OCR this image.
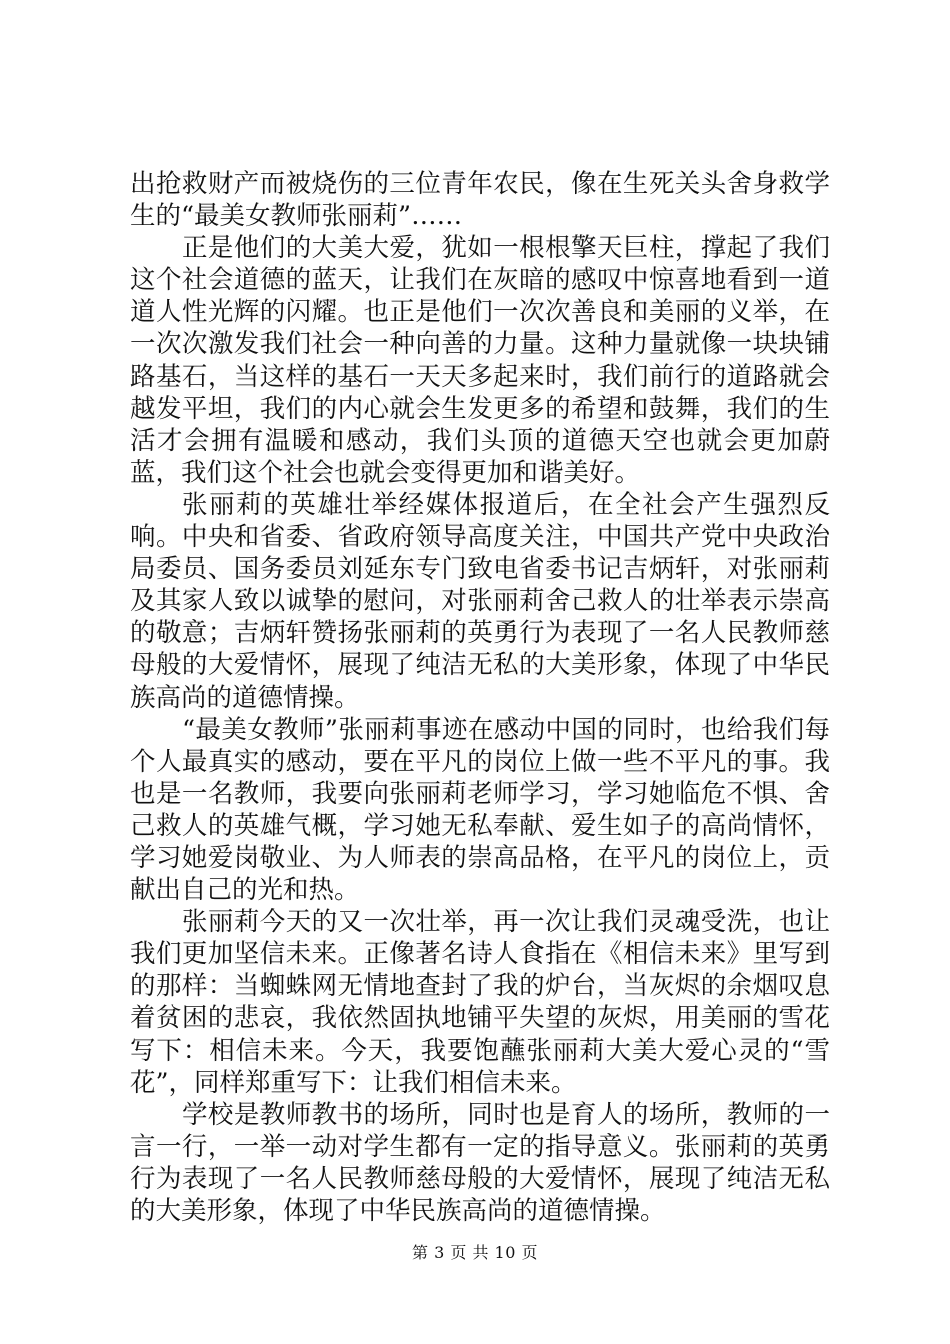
出抢救财产而被烧伤的三位青年农民，像在生死关头舍身救学生的“最美女教师张丽莉”……

正是他们的大美大爱，犹如一根根擎天巨柱，撑起了我们这个社会道德的蓝天，让我们在灰暗的感叹中惊喜地看到一道道人性光辉的闪耀。也正是他们一次次善良和美丽的义举，在一次次激发我们社会一种向善的力量。这种力量就像一块块铺路基石，当这样的基石一天天多起来时，我们前行的道路就会越发平坦，我们的内心就会生发更多的希望和鼓舞，我们的生活才会拥有温暖和感动，我们头顶的道德天空也就会更加蔚蓝，我们这个社会也就会变得更加和谐美好。

张丽莉的英雄壮举经媒体报道后，在全社会产生强烈反响。中央和省委、省政府领导高度关注，中国共产党中央政治局委员、国务委员刘延东专门致电省委书记吉炳轩，对张丽莉及其家人致以诚挚的慰问，对张丽莉舍己救人的壮举表示崇高的敬意；吉炳轩赞扬张丽莉的英勇行为表现了一名人民教师慈母般的大爱情怀，展现了纯洁无私的大美形象，体现了中华民族高尚的道德情操。

“最美女教师”张丽莉事迹在感动中国的同时，也给我们每个人最真实的感动，要在平凡的岗位上做一些不平凡的事。我也是一名教师，我要向张丽莉老师学习，学习她临危不惧、舍己救人的英雄气概，学习她无私奉献、爱生如子的高尚情怀，学习她爱岗敬业、为人师表的崇高品格，在平凡的岗位上，贡献出自己的光和热。

张丽莉今天的又一次壮举，再一次让我们灵魂受洗，也让我们更加坚信未来。正像著名诗人食指在《相信未来》里写到的那样：当蜘蛛网无情地查封了我的炉台，当灰烬的余烟叹息着贫困的悲哀，我依然固执地铺平失望的灰烬，用美丽的雪花写下：相信未来。今天，我要饱蘸张丽莉大美大爱心灵的“雪花”，同样郑重写下：让我们相信未来。

学校是教师教书的场所，同时也是育人的场所，教师的一言一行，一举一动对学生都有一定的指导意义。张丽莉的英勇行为表现了一名人民教师慈母般的大爱情怀，展现了纯洁无私的大美形象，体现了中华民族高尚的道德情操。

第 3 页 共 10 页
